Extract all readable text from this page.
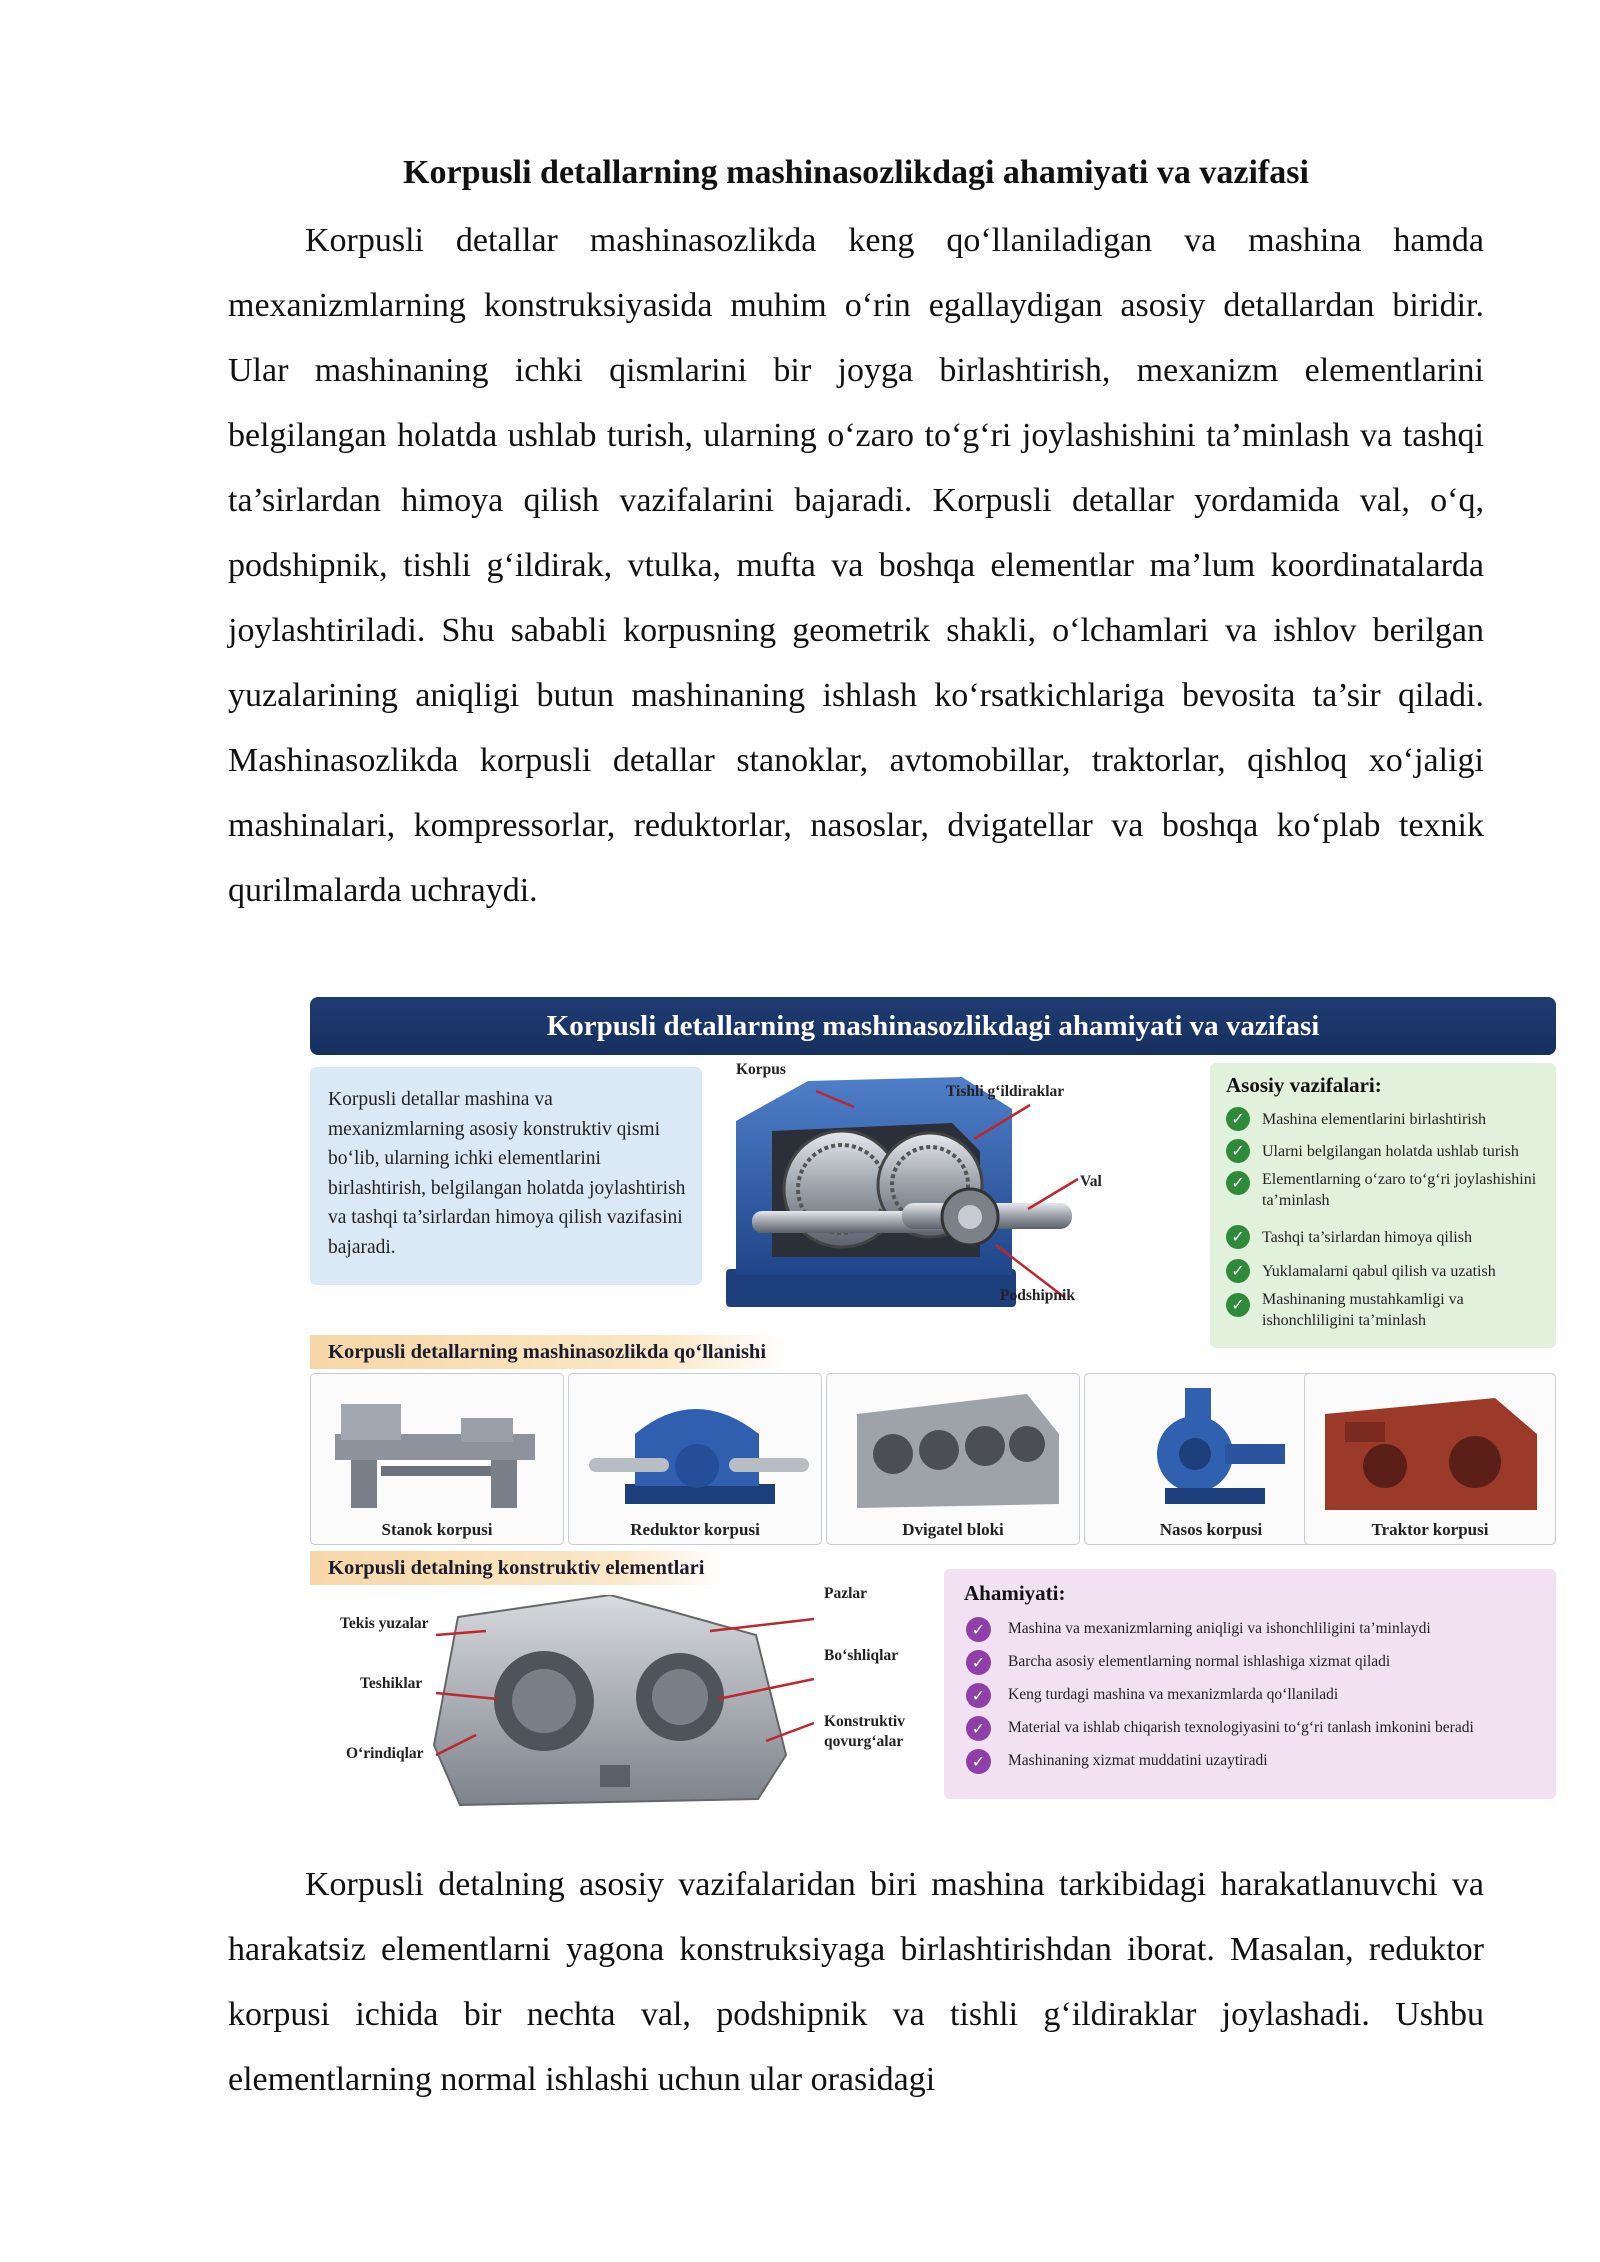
Korpusli detallarning mashinasozlikdagi ahamiyati va vazifasi

Korpusli detallar mashinasozlikda keng qo‘llaniladigan va mashina hamda mexanizmlarning konstruksiyasida muhim o‘rin egallaydigan asosiy detallardan biridir. Ular mashinaning ichki qismlarini bir joyga birlashtirish, mexanizm elementlarini belgilangan holatda ushlab turish, ularning o‘zaro to‘g‘ri joylashishini ta’minlash va tashqi ta’sirlardan himoya qilish vazifalarini bajaradi. Korpusli detallar yordamida val, o‘q, podshipnik, tishli g‘ildirak, vtulka, mufta va boshqa elementlar ma’lum koordinatalarda joylashtiriladi. Shu sababli korpusning geometrik shakli, o‘lchamlari va ishlov berilgan yuzalarining aniqligi butun mashinaning ishlash ko‘rsatkichlariga bevosita ta’sir qiladi. Mashinasozlikda korpusli detallar stanoklar, avtomobillar, traktorlar, qishloq xo‘jaligi mashinalari, kompressorlar, reduktorlar, nasoslar, dvigatellar va boshqa ko‘plab texnik qurilmalarda uchraydi.

Korpusli detallarning mashinasozlikdagi ahamiyati va vazifasi

Korpusli detallar mashina va mexanizmlarning asosiy konstruktiv qismi bo‘lib, ularning ichki elementlarini birlashtirish, belgilangan holatda joylashtirish va tashqi ta’sirlardan himoya qilish vazifasini bajaradi.

Korpus
Tishli g‘ildiraklar
Val
Podshipnik
Asosiy vazifalari:
✓	Mashina elementlarini birlashtirish
✓	Ularni belgilangan holatda ushlab turish
✓	Elementlarning o‘zaro to‘g‘ri joylashishini ta’minlash
✓	Tashqi ta’sirlardan himoya qilish
✓	Yuklamalarni qabul qilish va uzatish
✓	Mashinaning mustahkamligi va ishonchliligini ta’minlash
Korpusli detallarning mashinasozlikda qo‘llanishi
Stanok korpusi	Reduktor korpusi	Dvigatel bloki	Nasos korpusi	Traktor korpusi
Korpusli detalning konstruktiv elementlari
Tekis yuzalar
Teshiklar
O‘rindiqlar
Pazlar
Bo‘shliqlar
Konstruktiv
qovurg‘alar
Ahamiyati:
✓	Mashina va mexanizmlarning aniqligi va ishonchliligini ta’minlaydi
✓	Barcha asosiy elementlarning normal ishlashiga xizmat qiladi
✓	Keng turdagi mashina va mexanizmlarda qo‘llaniladi
✓	Material va ishlab chiqarish texnologiyasini to‘g‘ri tanlash imkonini beradi
✓	Mashinaning xizmat muddatini uzaytiradi

Korpusli detalning asosiy vazifalaridan biri mashina tarkibidagi harakatlanuvchi va harakatsiz elementlarni yagona konstruksiyaga birlashtirishdan iborat. Masalan, reduktor korpusi ichida bir nechta val, podshipnik va tishli g‘ildiraklar joylashadi. Ushbu elementlarning normal ishlashi uchun ular orasidagi
